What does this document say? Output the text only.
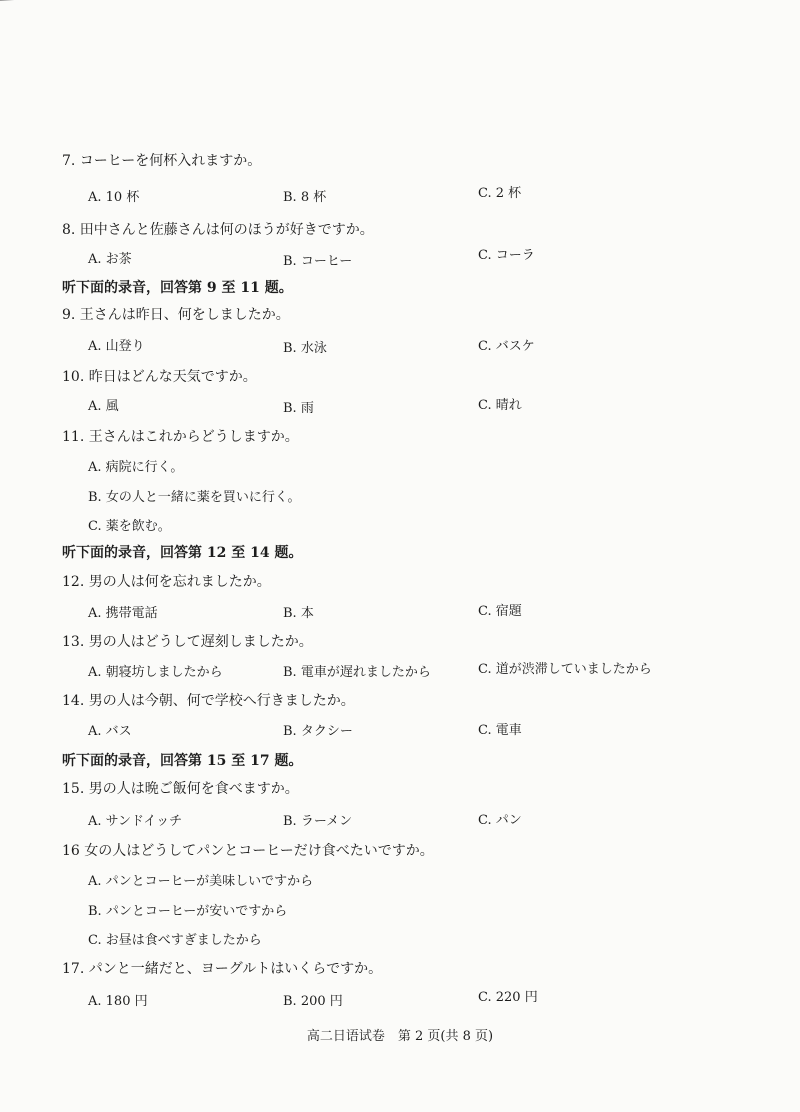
7. コーヒーを何杯入れますか。
A. 10 杯	B. 8 杯	C. 2 杯
8. 田中さんと佐藤さんは何のほうが好きですか。
A. お茶	B. コーヒー	C. コーラ
听下面的录音，回答第 9 至 11 题。
9. 王さんは昨日、何をしましたか。
A. 山登り	B. 水泳	C. バスケ
10. 昨日はどんな天気ですか。
A. 風	B. 雨	C. 晴れ
11. 王さんはこれからどうしますか。
A. 病院に行く。
B. 女の人と一緒に薬を買いに行く。
C. 薬を飲む。
听下面的录音，回答第 12 至 14 题。
12. 男の人は何を忘れましたか。
A. 携帯電話	B. 本	C. 宿題
13. 男の人はどうして遅刻しましたか。
A. 朝寝坊しましたから	B. 電車が遅れましたから	C. 道が渋滞していましたから
14. 男の人は今朝、何で学校へ行きましたか。
A. バス	B. タクシー	C. 電車
听下面的录音，回答第 15 至 17 题。
15. 男の人は晩ご飯何を食べますか。
A. サンドイッチ	B. ラーメン	C. パン
16 女の人はどうしてパンとコーヒーだけ食べたいですか。
A. パンとコーヒーが美味しいですから
B. パンとコーヒーが安いですから
C. お昼は食べすぎましたから
17. パンと一緒だと、ヨーグルトはいくらですか。
A. 180 円	B. 200 円	C. 220 円
高二日语试卷　第 2 页(共 8 页)
